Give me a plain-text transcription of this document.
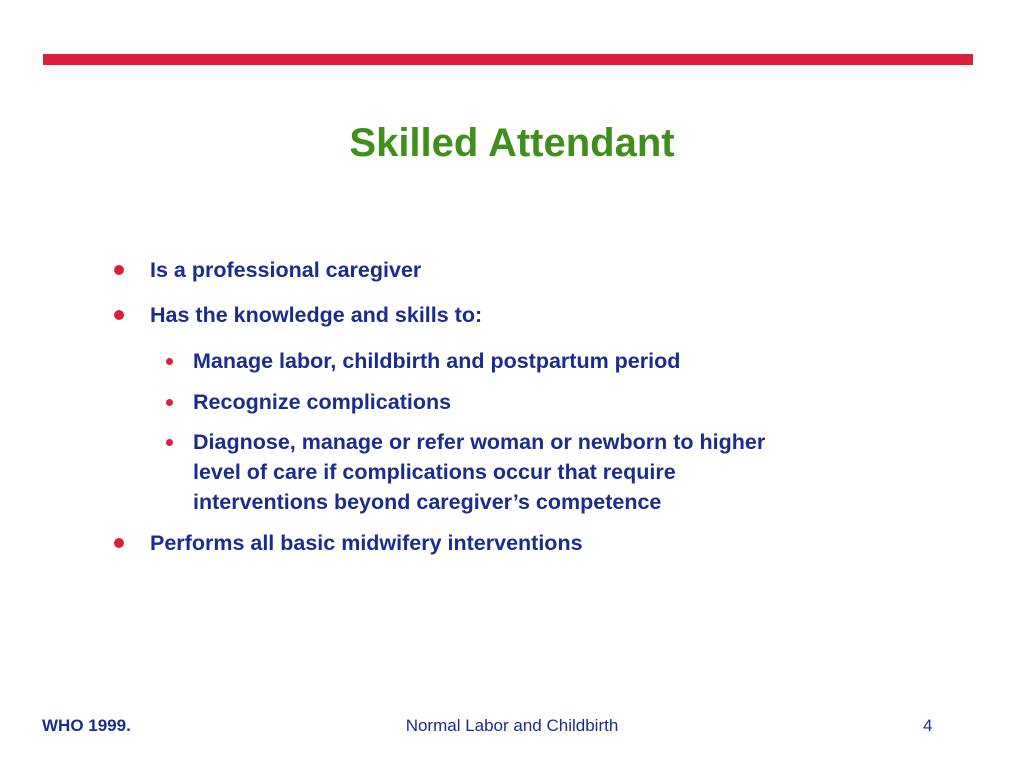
Skilled Attendant
Is a professional caregiver
Has the knowledge and skills to:
Manage labor, childbirth and postpartum period
Recognize complications
Diagnose, manage or refer woman or newborn to higher
level of care if complications occur that require
interventions beyond caregiver’s competence
Performs all basic midwifery interventions
WHO 1999.	Normal Labor and Childbirth	4
